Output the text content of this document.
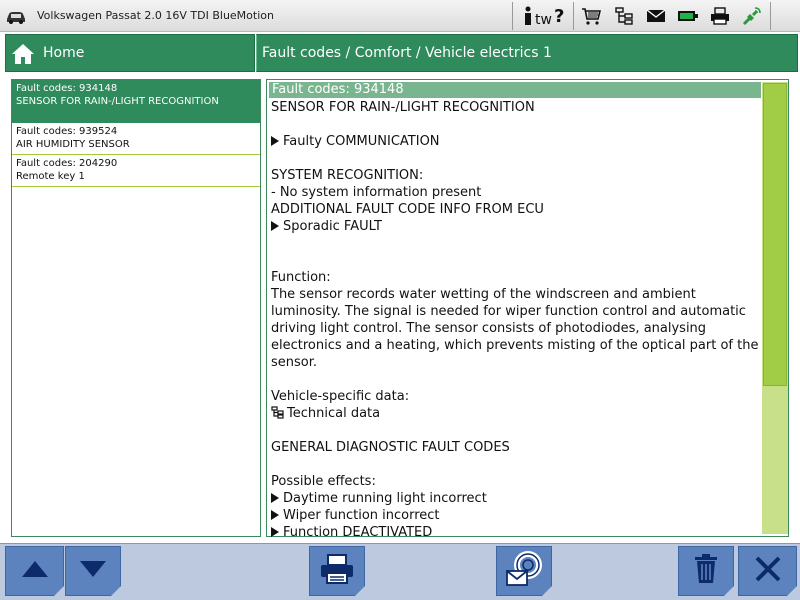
Volkswagen Passat 2.0 16V TDI BlueMotion	tw ?
Home	Fault codes / Comfort / Vehicle electrics 1
Fault codes: 934148
SENSOR FOR RAIN-/LIGHT RECOGNITION
Fault codes: 939524
AIR HUMIDITY SENSOR
Fault codes: 204290
Remote key 1
Fault codes: 934148
SENSOR FOR RAIN-/LIGHT RECOGNITION
Faulty COMMUNICATION
SYSTEM RECOGNITION:
- No system information present
ADDITIONAL FAULT CODE INFO FROM ECU
Sporadic FAULT
Function:
The sensor records water wetting of the windscreen and ambient luminosity. The signal is needed for wiper function control and automatic driving light control. The sensor consists of photodiodes, analysing electronics and a heating, which prevents misting of the optical part of the sensor.
Vehicle-specific data:
Technical data
GENERAL DIAGNOSTIC FAULT CODES
Possible effects:
Daytime running light incorrect
Wiper function incorrect
Function DEACTIVATED
